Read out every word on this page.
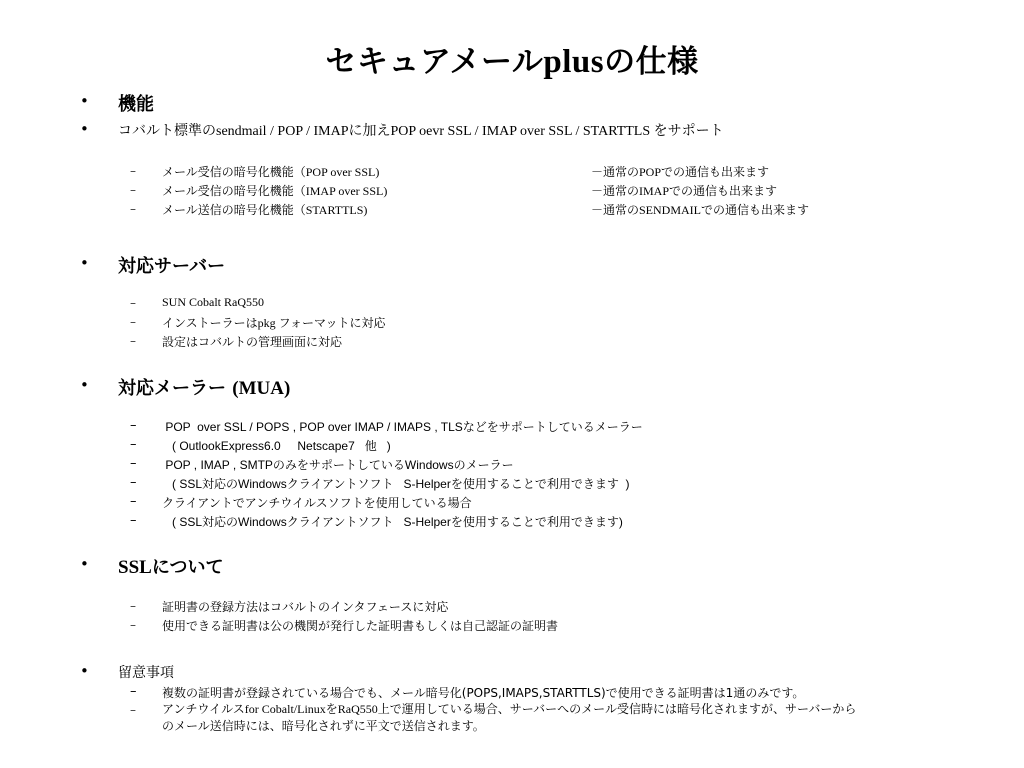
セキュアメールplusの仕様
• 機能
• コバルト標準のsendmail / POP / IMAPに加えPOP oevr SSL / IMAP over SSL / STARTTLS をサポート
– メール受信の暗号化機能（POP over SSL)	－通常のPOPでの通信も出来ます
– メール受信の暗号化機能（IMAP over SSL)	－通常のIMAPでの通信も出来ます
– メール送信の暗号化機能（STARTTLS)	－通常のSENDMAILでの通信も出来ます
• 対応サーバー
– SUN Cobalt RaQ550
– インストーラーはpkg フォーマットに対応
– 設定はコバルトの管理画面に対応
• 対応メーラー (MUA)
– POP  over SSL / POPS , POP over IMAP / IMAPS , TLSなどをサポートしているメーラー
– ( OutlookExpress6.0     Netscape7   他   )
– POP , IMAP , SMTPのみをサポートしているWindowsのメーラー
– ( SSL対応のWindowsクライアントソフト   S-Helperを使用することで利用できます  )
– クライアントでアンチウイルスソフトを使用している場合
– ( SSL対応のWindowsクライアントソフト   S-Helperを使用することで利用できます)
• SSLについて
– 証明書の登録方法はコバルトのインタフェースに対応
– 使用できる証明書は公の機関が発行した証明書もしくは自己認証の証明書
• 留意事項
– 複数の証明書が登録されている場合でも、メール暗号化(POPS,IMAPS,STARTTLS)で使用できる証明書は1通のみです。
– アンチウイルスfor Cobalt/LinuxをRaQ550上で運用している場合、サーバーへのメール受信時には暗号化されますが、サーバーから
のメール送信時には、暗号化されずに平文で送信されます。
